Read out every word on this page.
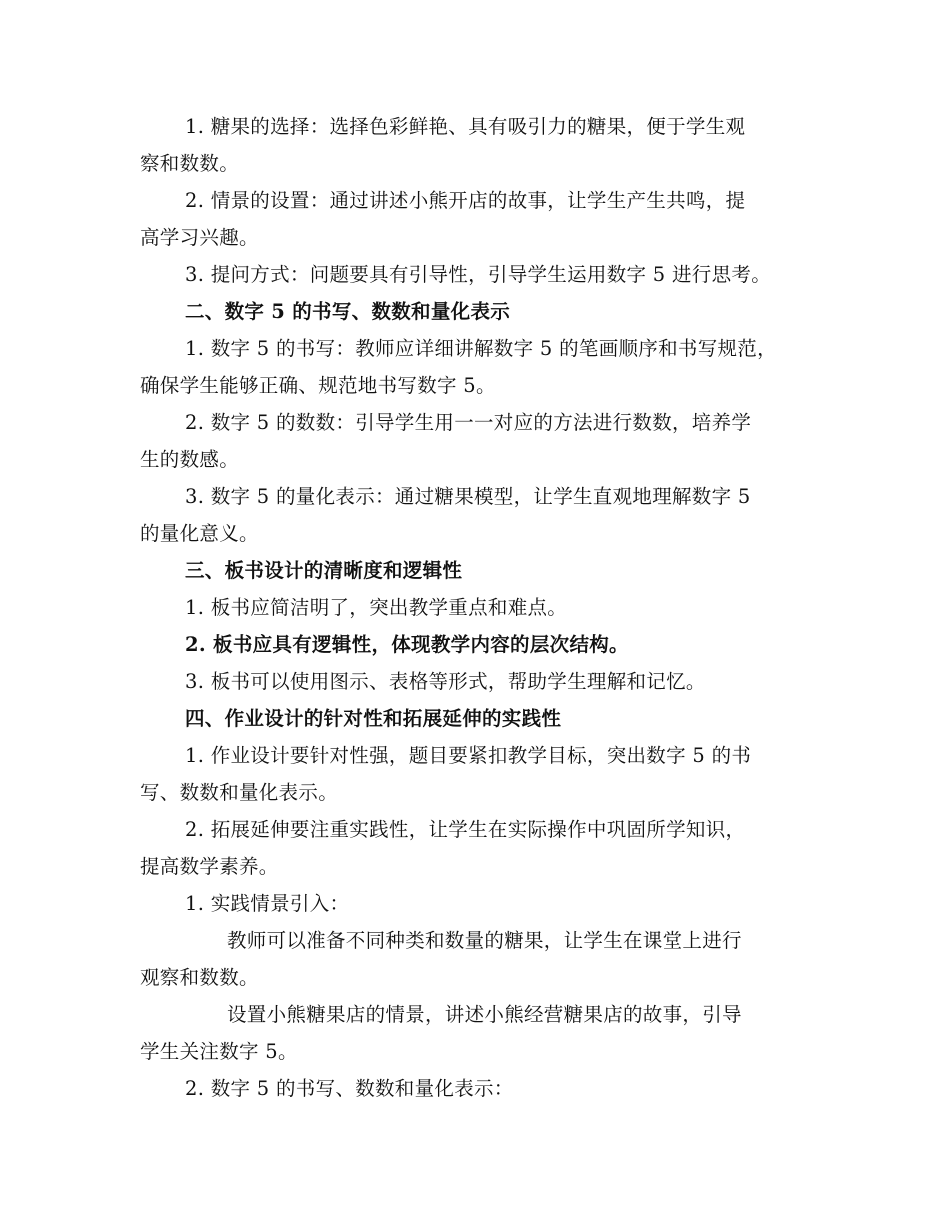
1. 糖果的选择：选择色彩鲜艳、具有吸引力的糖果，便于学生观
察和数数。

2. 情景的设置：通过讲述小熊开店的故事，让学生产生共鸣，提
高学习兴趣。

3. 提问方式：问题要具有引导性，引导学生运用数字 5 进行思考。

二、数字 5 的书写、数数和量化表示

1. 数字 5 的书写：教师应详细讲解数字 5 的笔画顺序和书写规范，
确保学生能够正确、规范地书写数字 5。

2. 数字 5 的数数：引导学生用一一对应的方法进行数数，培养学
生的数感。

3. 数字 5 的量化表示：通过糖果模型，让学生直观地理解数字 5
的量化意义。

三、板书设计的清晰度和逻辑性

1. 板书应简洁明了，突出教学重点和难点。

2. 板书应具有逻辑性，体现教学内容的层次结构。

3. 板书可以使用图示、表格等形式，帮助学生理解和记忆。

四、作业设计的针对性和拓展延伸的实践性

1. 作业设计要针对性强，题目要紧扣教学目标，突出数字 5 的书
写、数数和量化表示。

2. 拓展延伸要注重实践性，让学生在实际操作中巩固所学知识，
提高数学素养。

1. 实践情景引入：

教师可以准备不同种类和数量的糖果，让学生在课堂上进行
观察和数数。

设置小熊糖果店的情景，讲述小熊经营糖果店的故事，引导
学生关注数字 5。

2. 数字 5 的书写、数数和量化表示：
